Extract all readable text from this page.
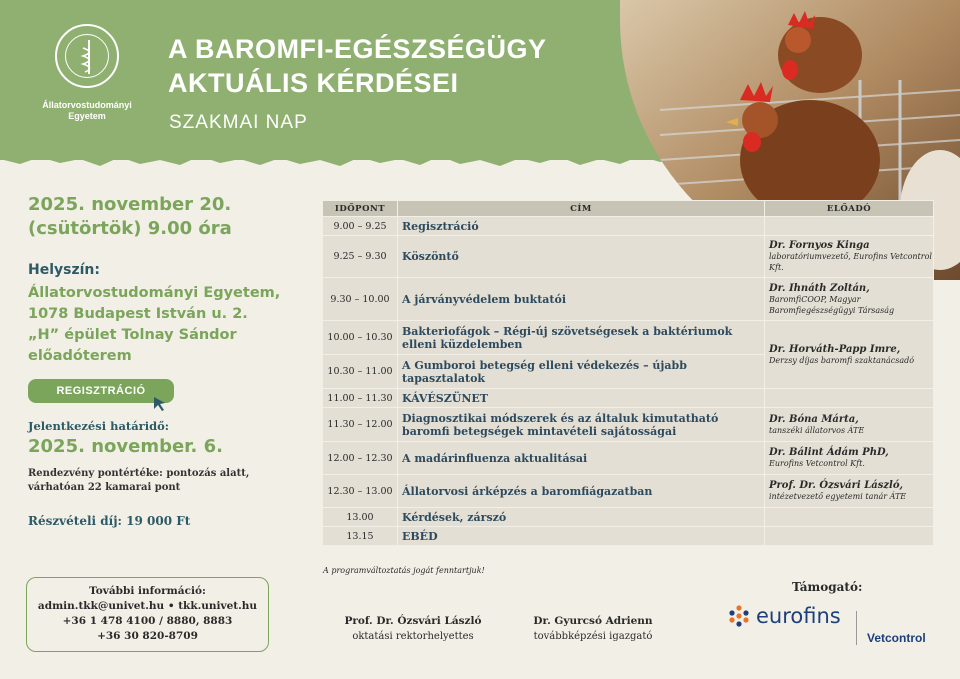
Állatorvostudományi Egyetem
A BAROMFI-EGÉSZSÉGÜGY
AKTUÁLIS KÉRDÉSEI
SZAKMAI NAP
2025. november 20.
(csütörtök) 9.00 óra
Helyszín:
Állatorvostudományi Egyetem,
1078 Budapest István u. 2.
„H” épület Tolnay Sándor
előadóterem
REGISZTRÁCIÓ
Jelentkezési határidő:
2025. november. 6.
Rendezvény pontértéke: pontozás alatt,
várhatóan 22 kamarai pont
Részvételi díj: 19 000 Ft
További információ:
admin.tkk@univet.hu • tkk.univet.hu
+36 1 478 4100 / 8880, 8883
+36 30 820-8709
IDŐPONT	CÍM	ELŐADÓ
9.00 – 9.25	Regisztráció	
9.25 – 9.30	Köszöntő	Dr. Fornyos Kinga
laboratóriumvezető, Eurofins Vetcontrol Kft.
9.30 – 10.00	A járványvédelem buktatói	Dr. Ihnáth Zoltán,
BaromfiCOOP, Magyar Baromfiegészségügyi Társaság
10.00 – 10.30	Bakteriofágok – Régi-új szövetségesek a baktériumok elleni küzdelemben	Dr. Horváth-Papp Imre,
Derzsy díjas baromfi szaktanácsadó
10.30 – 11.00	A Gumboroi betegség elleni védekezés – újabb tapasztalatok	
11.00 – 11.30	KÁVÉSZÜNET	
11.30 – 12.00	Diagnosztikai módszerek és az általuk kimutatható baromfi betegségek mintavételi sajátosságai	Dr. Bóna Márta,
tanszéki állatorvos ÁTE
12.00 – 12.30	A madárinfluenza aktualitásai	Dr. Bálint Ádám PhD,
Eurofins Vetcontrol Kft.
12.30 – 13.00	Állatorvosi árképzés a baromfiágazatban	Prof. Dr. Ózsvári László,
intézetvezető egyetemi tanár ÁTE
13.00	Kérdések, zárszó	
13.15	EBÉD	
A programváltoztatás jogát fenntartjuk!
Prof. Dr. Ózsvári László
oktatási rektorhelyettes
Dr. Gyurcsó Adrienn
továbbképzési igazgató
Támogató:
eurofins
Vetcontrol
